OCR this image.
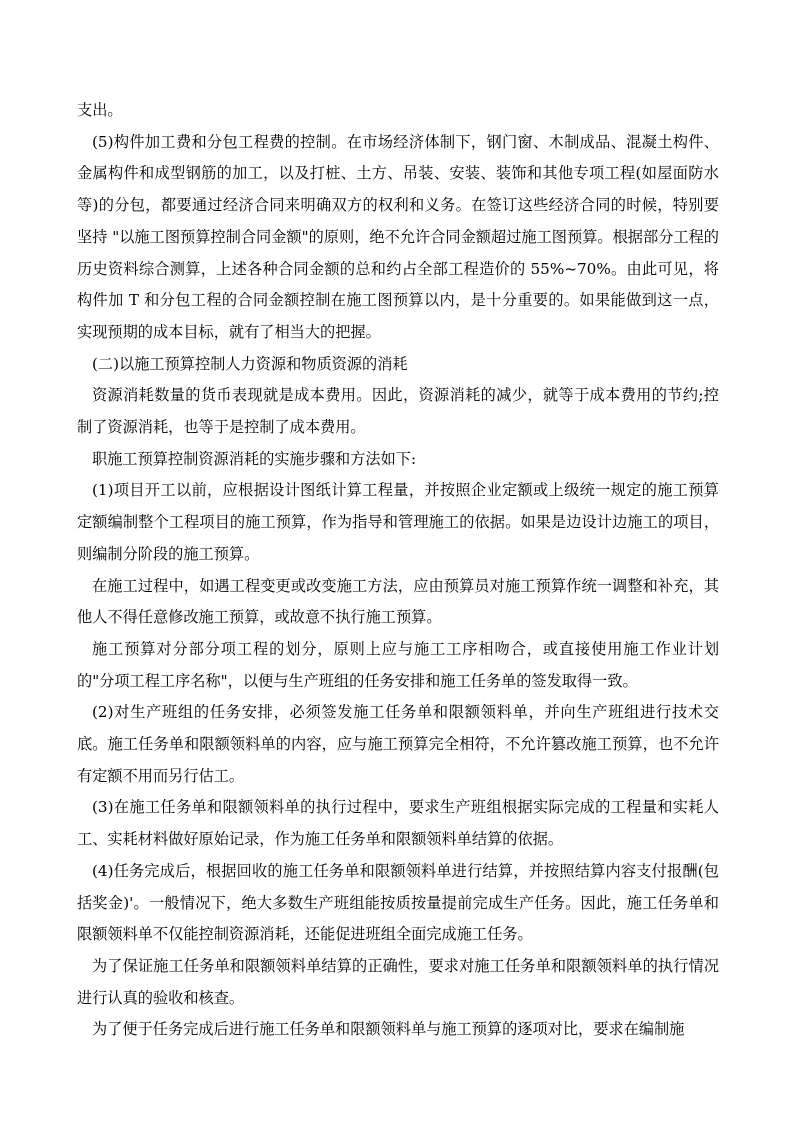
支出。

(5)构件加工费和分包工程费的控制。在市场经济体制下，钢门窗、木制成品、混凝土构件、金属构件和成型钢筋的加工，以及打桩、土方、吊装、安装、装饰和其他专项工程(如屋面防水等)的分包，都要通过经济合同来明确双方的权利和义务。在签订这些经济合同的时候，特别要坚持 "以施工图预算控制合同金额"的原则，绝不允许合同金额超过施工图预算。根据部分工程的历史资料综合测算，上述各种合同金额的总和约占全部工程造价的 55%~70%。由此可见，将构件加 T 和分包工程的合同金额控制在施工图预算以内，是十分重要的。如果能做到这一点，实现预期的成本目标，就有了相当大的把握。

(二)以施工预算控制人力资源和物质资源的消耗

资源消耗数量的货币表现就是成本费用。因此，资源消耗的减少，就等于成本费用的节约;控制了资源消耗，也等于是控制了成本费用。

职施工预算控制资源消耗的实施步骤和方法如下:

(1)项目开工以前，应根据设计图纸计算工程量，并按照企业定额或上级统一规定的施工预算定额编制整个工程项目的施工预算，作为指导和管理施工的依据。如果是边设计边施工的项目，则编制分阶段的施工预算。

在施工过程中，如遇工程变更或改变施工方法，应由预算员对施工预算作统一调整和补充，其他人不得任意修改施工预算，或故意不执行施工预算。

施工预算对分部分项工程的划分，原则上应与施工工序相吻合，或直接使用施工作业计划的"分项工程工序名称"，以便与生产班组的任务安排和施工任务单的签发取得一致。

(2)对生产班组的任务安排，必须签发施工任务单和限额领料单，并向生产班组进行技术交底。施工任务单和限额领料单的内容，应与施工预算完全相符，不允许篡改施工预算，也不允许有定额不用而另行估工。

(3)在施工任务单和限额领料单的执行过程中，要求生产班组根据实际完成的工程量和实耗人工、实耗材料做好原始记录，作为施工任务单和限额领料单结算的依据。

(4)任务完成后，根据回收的施工任务单和限额领料单进行结算，并按照结算内容支付报酬(包括奖金)'。一般情况下，绝大多数生产班组能按质按量提前完成生产任务。因此，施工任务单和限额领料单不仅能控制资源消耗，还能促进班组全面完成施工任务。

为了保证施工任务单和限额领料单结算的正确性，要求对施工任务单和限额领料单的执行情况进行认真的验收和核查。

为了便于任务完成后进行施工任务单和限额领料单与施工预算的逐项对比，要求在编制施
